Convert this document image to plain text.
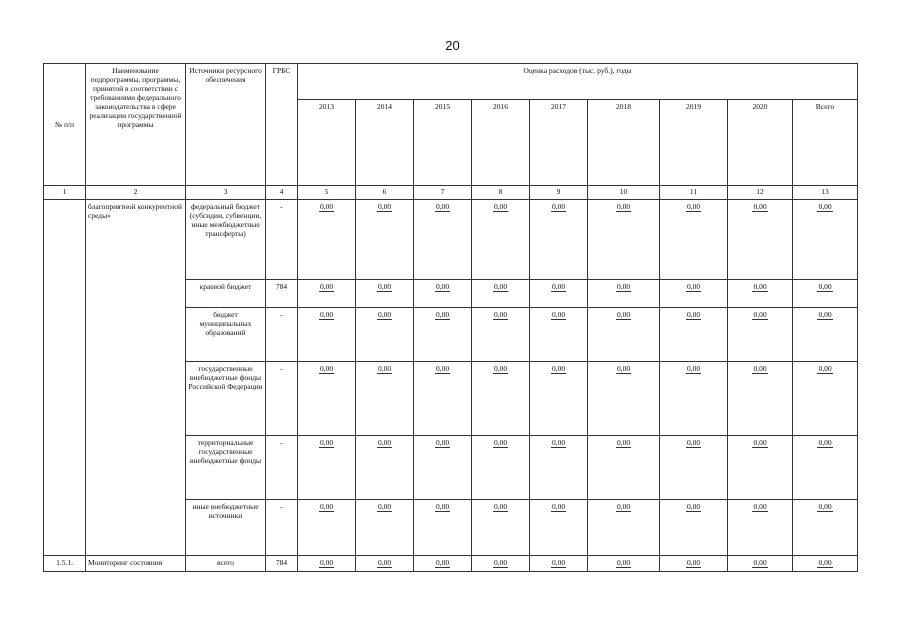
20
№ п/п	Наименование подпрограммы, программы, принятой в соответствии с требованиями федерального законодательства в сфере реализации государственной программы	Источники ресурсного обеспечения	ГРБС	Оценка расходов (тыс. руб.), годы								
				2013	2014	2015	2016	2017	2018	2019	2020	Всего
1	2	3	4	5	6	7	8	9	10	11	12	13
	благоприятной конкурентной среды»	федеральный бюджет (субсидии, субвенции, иные межбюджетные трансферты)	-	0,00	0,00	0,00	0,00	0,00	0,00	0,00	0,00	0,00
		краевой бюджет	784	0,00	0,00	0,00	0,00	0,00	0,00	0,00	0,00	0,00
		бюджет муниципальных образований	-	0,00	0,00	0,00	0,00	0,00	0,00	0,00	0,00	0,00
		государственные внебюджетные фонды Российской Федерации	-	0,00	0,00	0,00	0,00	0,00	0,00	0,00	0,00	0,00
		территориальные государственные внебюджетные фонды	-	0,00	0,00	0,00	0,00	0,00	0,00	0,00	0,00	0,00
		иные внебюджетные источники	-	0,00	0,00	0,00	0,00	0,00	0,00	0,00	0,00	0,00
1.5.1.	Мониторинг состояния	всего	784	0,00	0,00	0,00	0,00	0,00	0,00	0,00	0,00	0,00
